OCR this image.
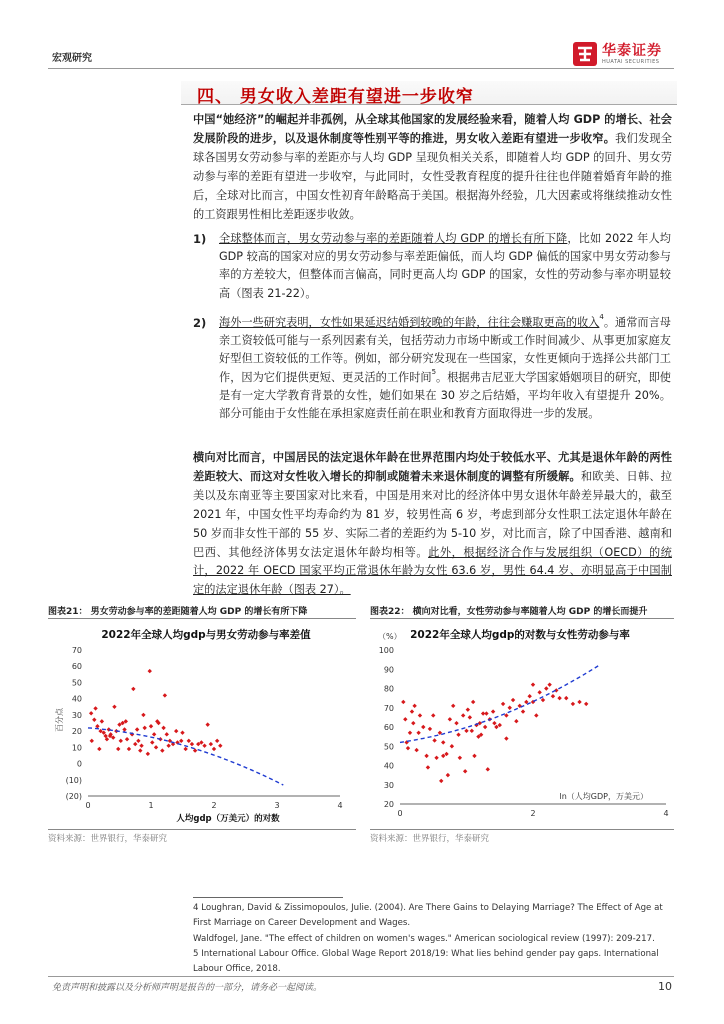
宏观研究	华泰证券
HUATAI SECURITIES
四、 男女收入差距有望进一步收窄
中国“她经济”的崛起并非孤例，从全球其他国家的发展经验来看，随着人均 GDP 的增长、社会发展阶段的进步，以及退休制度等性别平等的推进，男女收入差距有望进一步收窄。我们发现全球各国男女劳动参与率的差距亦与人均 GDP 呈现负相关关系，即随着人均 GDP 的回升、男女劳动参与率的差距有望进一步收窄，与此同时，女性受教育程度的提升往往也伴随着婚育年龄的推后，全球对比而言，中国女性初育年龄略高于美国。根据海外经验，几大因素或将继续推动女性的工资跟男性相比差距逐步收敛。
1) 全球整体而言，男女劳动参与率的差距随着人均 GDP 的增长有所下降，比如 2022 年人均 GDP 较高的国家对应的男女劳动参与率差距偏低，而人均 GDP 偏低的国家中男女劳动参与率的方差较大，但整体而言偏高，同时更高人均 GDP 的国家，女性的劳动参与率亦明显较高（图表 21-22）。
2) 海外一些研究表明，女性如果延迟结婚到较晚的年龄，往往会赚取更高的收入$^4$。通常而言母亲工资较低可能与一系列因素有关，包括劳动力市场中断或工作时间减少、从事更加家庭友好型但工资较低的工作等。例如，部分研究发现在一些国家，女性更倾向于选择公共部门工作，因为它们提供更短、更灵活的工作时间$^5$。根据弗吉尼亚大学国家婚姻项目的研究，即使是有一定大学教育背景的女性，她们如果在 30 岁之后结婚，平均年收入有望提升 20%。部分可能由于女性能在承担家庭责任前在职业和教育方面取得进一步的发展。
横向对比而言，中国居民的法定退休年龄在世界范围内均处于较低水平、尤其是退休年龄的两性差距较大、而这对女性收入增长的抑制或随着未来退休制度的调整有所缓解。和欧美、日韩、拉美以及东南亚等主要国家对比来看，中国是用来对比的经济体中男女退休年龄差异最大的，截至 2021 年，中国女性平均寿命约为 81 岁，较男性高 6 岁，考虑到部分女性职工法定退休年龄在 50 岁而非女性干部的 55 岁、实际二者的差距约为 5-10 岁，对比而言，除了中国香港、越南和巴西、其他经济体男女法定退休年龄均相等。此外，根据经济合作与发展组织（OECD）的统计，2022 年 OECD 国家平均正常退休年龄为女性 63.6 岁，男性 64.4 岁、亦明显高于中国制定的法定退休年龄（图表 27）。
图表21： 男女劳动参与率的差距随着人均 GDP 的增长有所下降
2022年全球人均gdp与男女劳动参与率差值
百分点
70
60
50
40
30
20
10
0
(10)
(20)
0	1	2	3	4
人均gdp（万美元）的对数
资料来源：世界银行，华泰研究
图表22： 横向对比看，女性劳动参与率随着人均 GDP 的增长而提升
2022年全球人均gdp的对数与女性劳动参与率
（%）
100
90
80
70
60
50
40
30
20
0	2	4
ln（人均GDP，万美元）
资料来源：世界银行，华泰研究
4 Loughran, David & Zissimopoulos, Julie. (2004). Are There Gains to Delaying Marriage? The Effect of Age at First Marriage on Career Development and Wages.
Waldfogel, Jane. "The effect of children on women's wages." American sociological review (1997): 209-217.
5 International Labour Office. Global Wage Report 2018/19: What lies behind gender pay gaps. International Labour Office, 2018.
免责声明和披露以及分析师声明是报告的一部分，请务必一起阅读。	10
